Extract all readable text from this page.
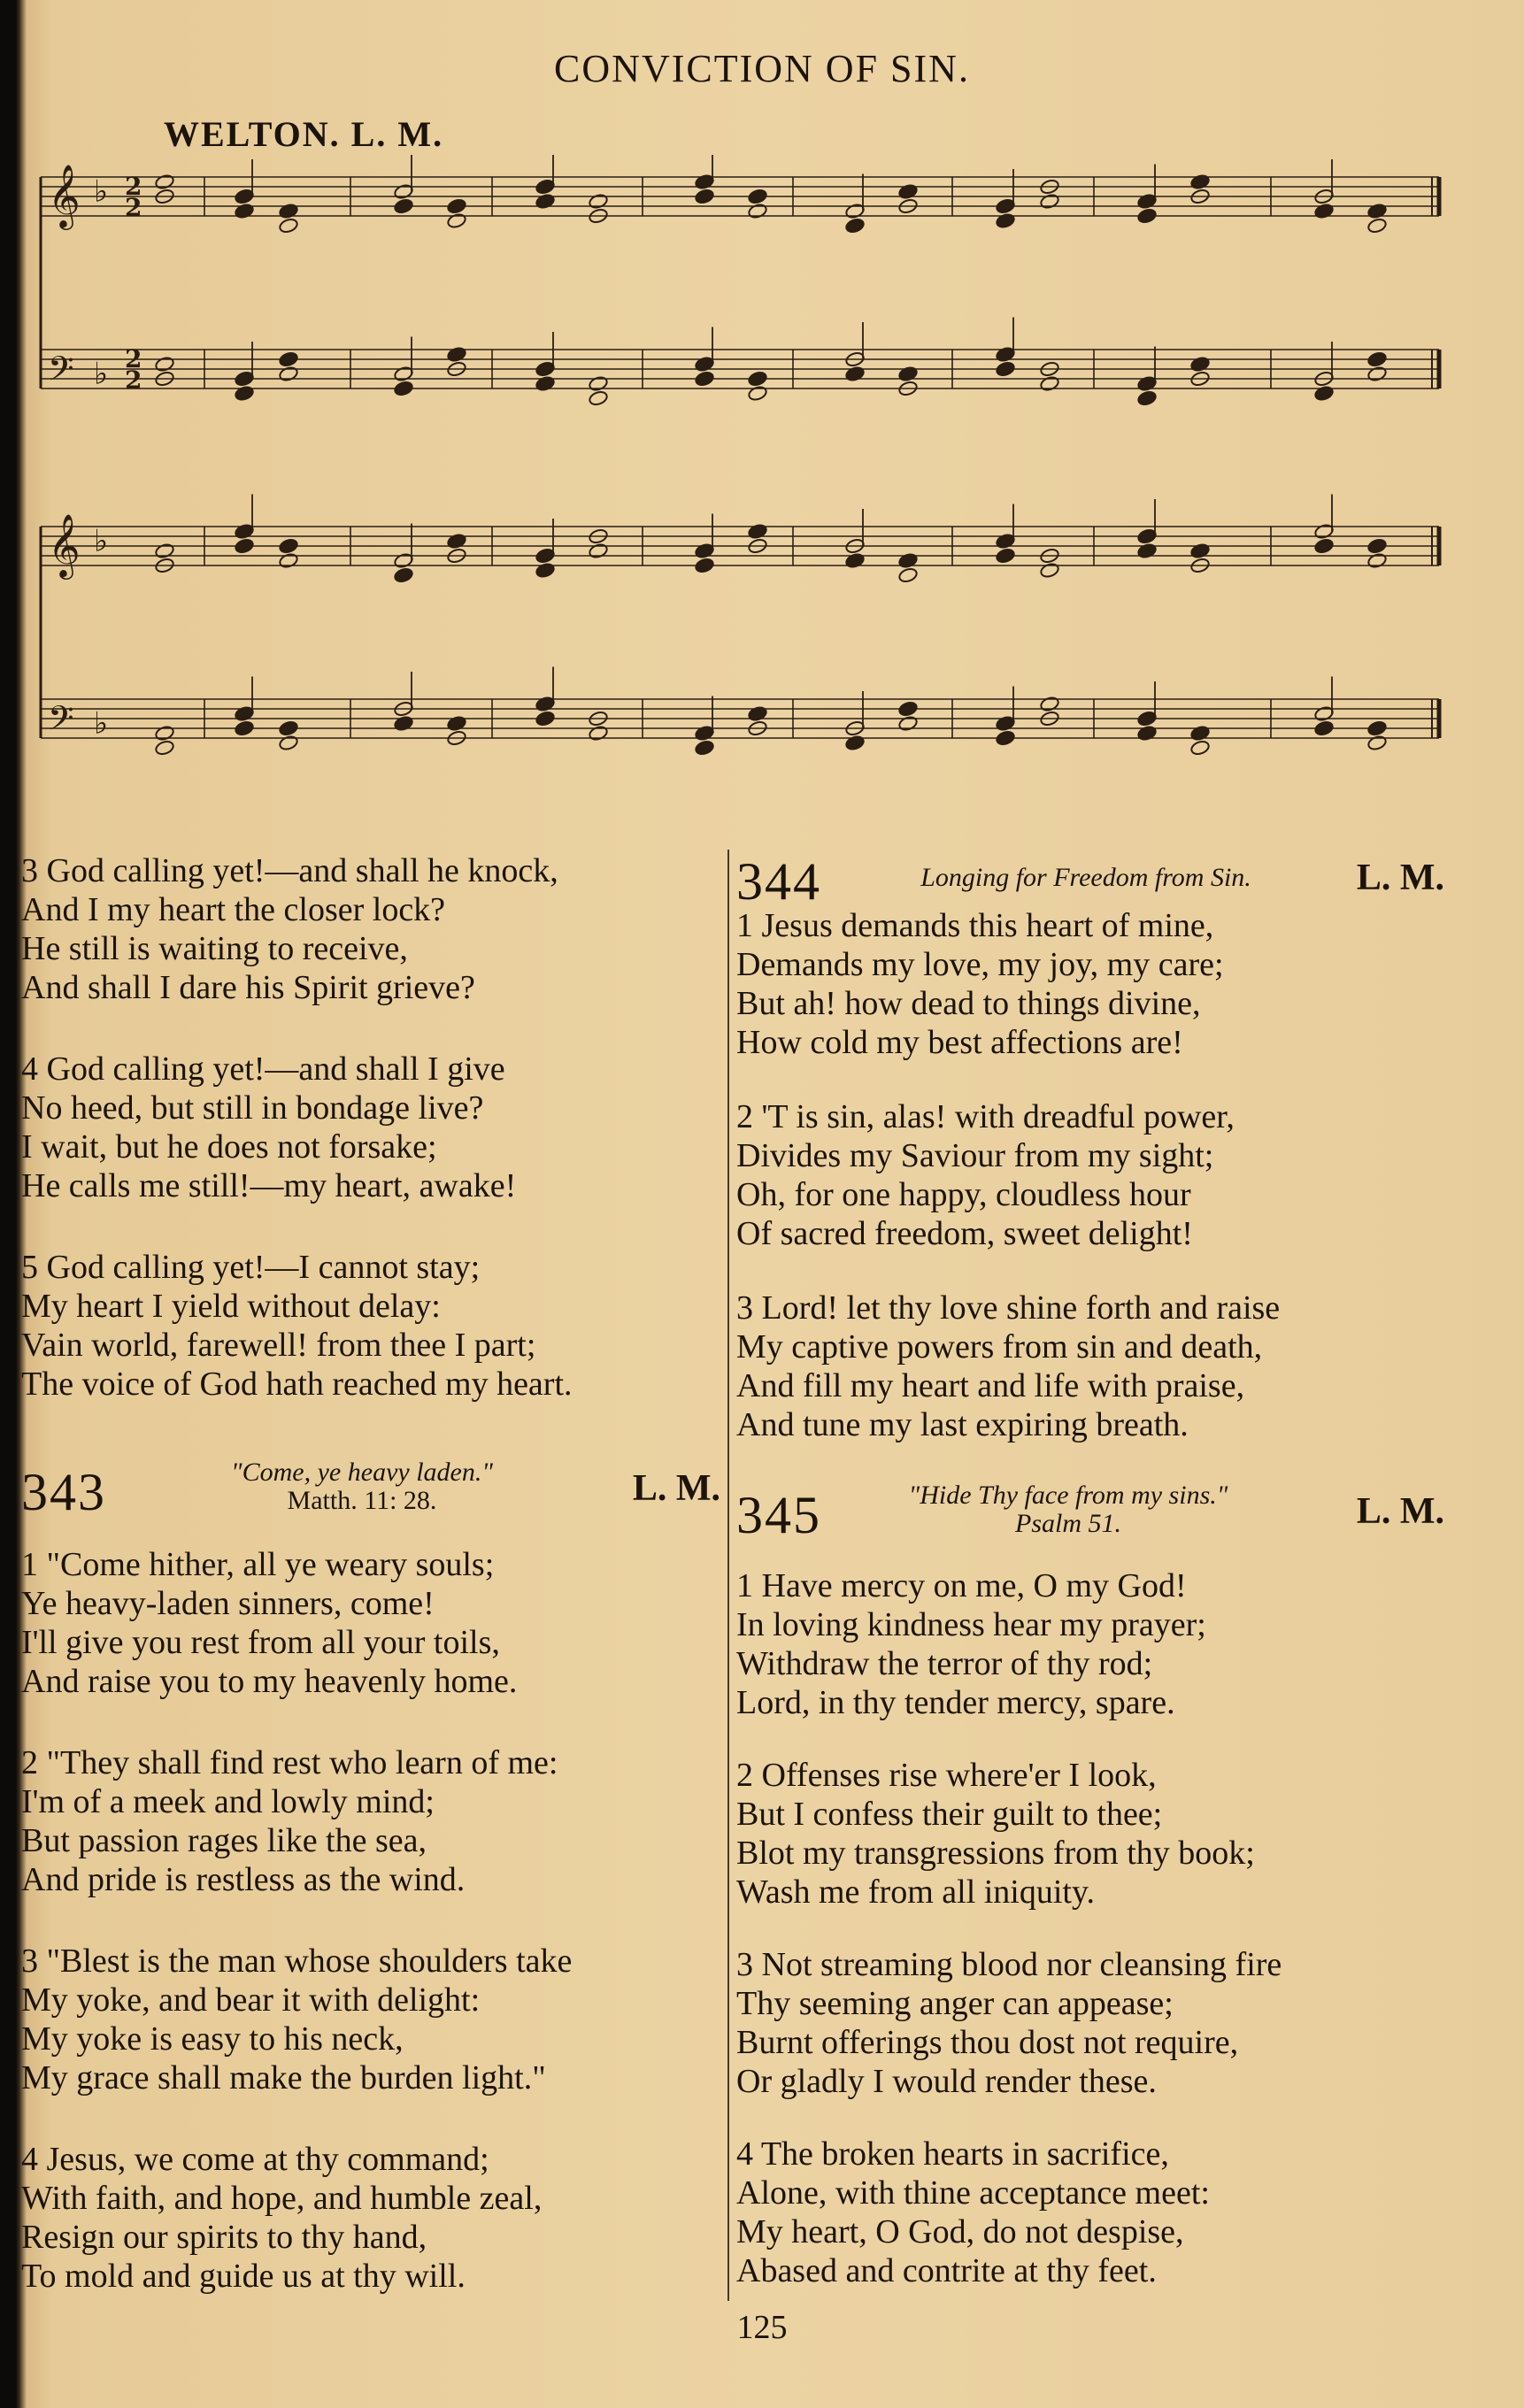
CONVICTION OF SIN.
WELTON. L. M.
𝄞 ♭ 2
2
𝄢 ♭ 2
2
𝄞 ♭
𝄢 ♭
3 God calling yet!—and shall he knock,
And I my heart the closer lock?
He still is waiting to receive,
And shall I dare his Spirit grieve?
4 God calling yet!—and shall I give
No heed, but still in bondage live?
I wait, but he does not forsake;
He calls me still!—my heart, awake!
5 God calling yet!—I cannot stay;
My heart I yield without delay:
Vain world, farewell! from thee I part;
The voice of God hath reached my heart.
343	"Come, ye heavy laden."
Matth. 11: 28.	L. M.
1 "Come hither, all ye weary souls;
Ye heavy-laden sinners, come!
I'll give you rest from all your toils,
And raise you to my heavenly home.
2 "They shall find rest who learn of me:
I'm of a meek and lowly mind;
But passion rages like the sea,
And pride is restless as the wind.
3 "Blest is the man whose shoulders take
My yoke, and bear it with delight:
My yoke is easy to his neck,
My grace shall make the burden light."
4 Jesus, we come at thy command;
With faith, and hope, and humble zeal,
Resign our spirits to thy hand,
To mold and guide us at thy will.
344	Longing for Freedom from Sin.	L. M.
1 Jesus demands this heart of mine,
Demands my love, my joy, my care;
But ah! how dead to things divine,
How cold my best affections are!
2 'T is sin, alas! with dreadful power,
Divides my Saviour from my sight;
Oh, for one happy, cloudless hour
Of sacred freedom, sweet delight!
3 Lord! let thy love shine forth and raise
My captive powers from sin and death,
And fill my heart and life with praise,
And tune my last expiring breath.
345	"Hide Thy face from my sins."
Psalm 51.	L. M.
1 Have mercy on me, O my God!
In loving kindness hear my prayer;
Withdraw the terror of thy rod;
Lord, in thy tender mercy, spare.
2 Offenses rise where'er I look,
But I confess their guilt to thee;
Blot my transgressions from thy book;
Wash me from all iniquity.
3 Not streaming blood nor cleansing fire
Thy seeming anger can appease;
Burnt offerings thou dost not require,
Or gladly I would render these.
4 The broken hearts in sacrifice,
Alone, with thine acceptance meet:
My heart, O God, do not despise,
Abased and contrite at thy feet.
125
